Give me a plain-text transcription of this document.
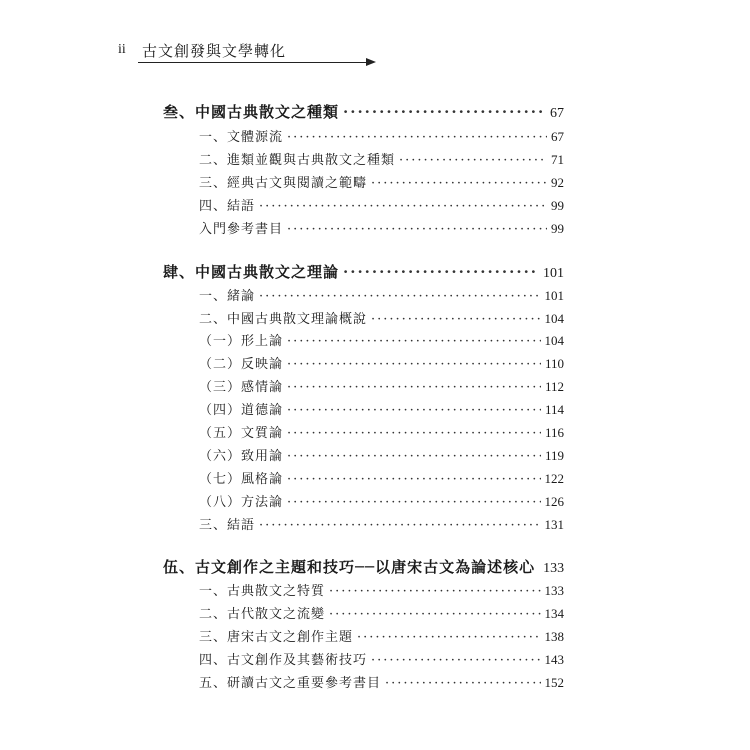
ii 古文創發與文學轉化
叁、中國古典散文之種類 ·····	67
一、文體源流 ·····	67
二、進類並觀與古典散文之種類 ·····	71
三、經典古文與閱讀之範疇 ·····	92
四、結語 ·····	99
入門參考書目 ·····	99
肆、中國古典散文之理論 ·····	101
一、緒論 ·····	101
二、中國古典散文理論概說 ·····	104
（一）形上論 ·····	104
（二）反映論 ·····	110
（三）感情論 ·····	112
（四）道德論 ·····	114
（五）文質論 ·····	116
（六）致用論 ·····	119
（七）風格論 ·····	122
（八）方法論 ·····	126
三、結語 ·····	131
伍、古文創作之主題和技巧──以唐宋古文為論述核心 133
一、古典散文之特質 ·····	133
二、古代散文之流變 ·····	134
三、唐宋古文之創作主題 ·····	138
四、古文創作及其藝術技巧 ·····	143
五、研讀古文之重要參考書目 ·····	152
